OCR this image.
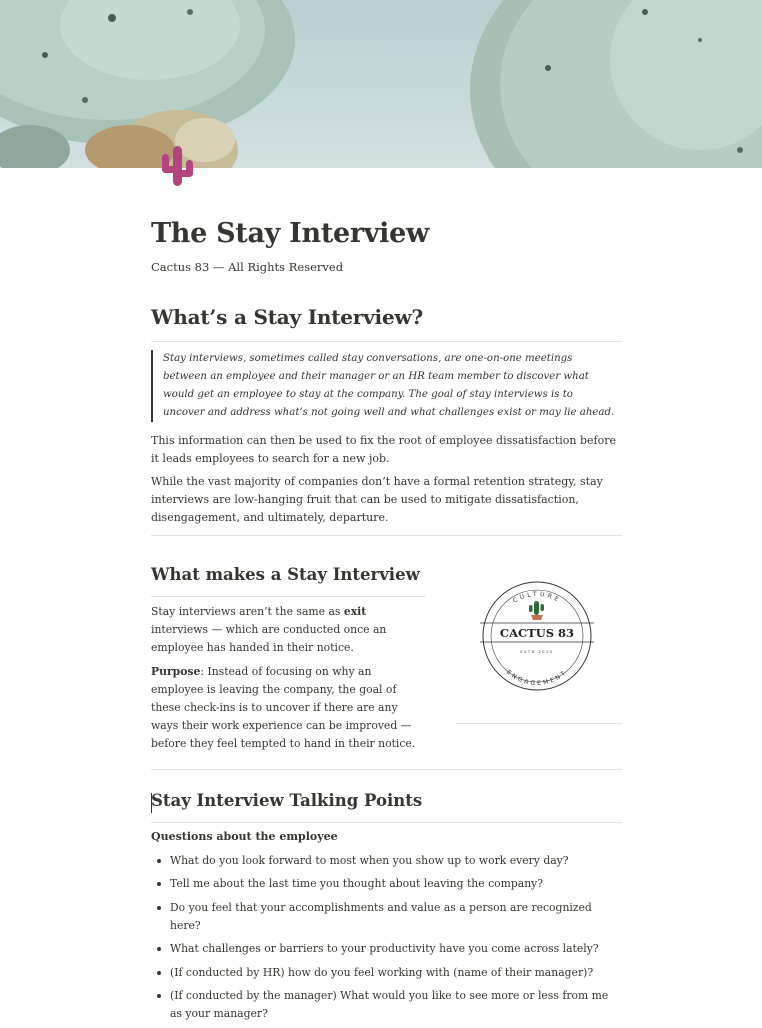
The Stay Interview
Cactus 83 — All Rights Reserved
What’s a Stay Interview?
Stay interviews, sometimes called stay conversations, are one-on-one meetings between an employee and their manager or an HR team member to discover what would get an employee to stay at the company. The goal of stay interviews is to uncover and address what’s not going well and what challenges exist or may lie ahead.
This information can then be used to fix the root of employee dissatisfaction before it leads employees to search for a new job.
While the vast majority of companies don’t have a formal retention strategy, stay interviews are low-hanging fruit that can be used to mitigate dissatisfaction, disengagement, and ultimately, departure.
What makes a Stay Interview

Stay interviews aren’t the same as exit interviews — which are conducted once an employee has handed in their notice.

Purpose: Instead of focusing on why an employee is leaving the company, the goal of these check-ins is to uncover if there are any ways their work experience can be improved — before they feel tempted to hand in their notice.

CULTURE
ENGAGEMENT
CACTUS 83
ESTD 2020
Stay Interview Talking Points
Questions about the employee
What do you look forward to most when you show up to work every day?
Tell me about the last time you thought about leaving the company?
Do you feel that your accomplishments and value as a person are recognized here?
What challenges or barriers to your productivity have you come across lately?
(If conducted by HR) how do you feel working with (name of their manager)?
(If conducted by the manager) What would you like to see more or less from me as your manager?
